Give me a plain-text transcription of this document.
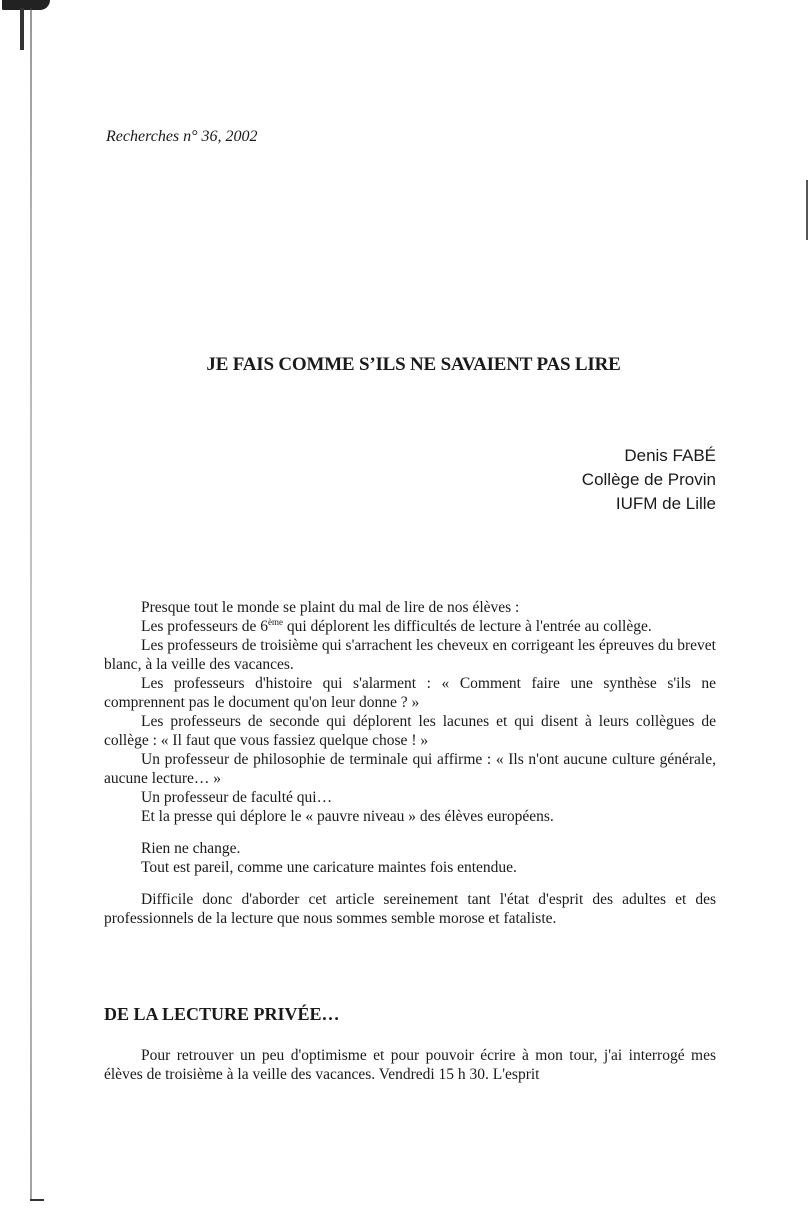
Recherches n° 36, 2002
JE FAIS COMME S’ILS NE SAVAIENT PAS LIRE
Denis FABÉ
Collège de Provin
IUFM de Lille

Presque tout le monde se plaint du mal de lire de nos élèves :

Les professeurs de 6ème qui déplorent les difficultés de lecture à l'entrée au collège.

Les professeurs de troisième qui s'arrachent les cheveux en corrigeant les épreuves du brevet blanc, à la veille des vacances.

Les professeurs d'histoire qui s'alarment : « Comment faire une synthèse s'ils ne comprennent pas le document qu'on leur donne ? »

Les professeurs de seconde qui déplorent les lacunes et qui disent à leurs collègues de collège : « Il faut que vous fassiez quelque chose ! »

Un professeur de philosophie de terminale qui affirme : « Ils n'ont aucune culture générale, aucune lecture… »

Un professeur de faculté qui…

Et la presse qui déplore le « pauvre niveau » des élèves européens.

Rien ne change.

Tout est pareil, comme une caricature maintes fois entendue.

Difficile donc d'aborder cet article sereinement tant l'état d'esprit des adultes et des professionnels de la lecture que nous sommes semble morose et fataliste.

DE LA LECTURE PRIVÉE…

Pour retrouver un peu d'optimisme et pour pouvoir écrire à mon tour, j'ai interrogé mes élèves de troisième à la veille des vacances. Vendredi 15 h 30. L'esprit
